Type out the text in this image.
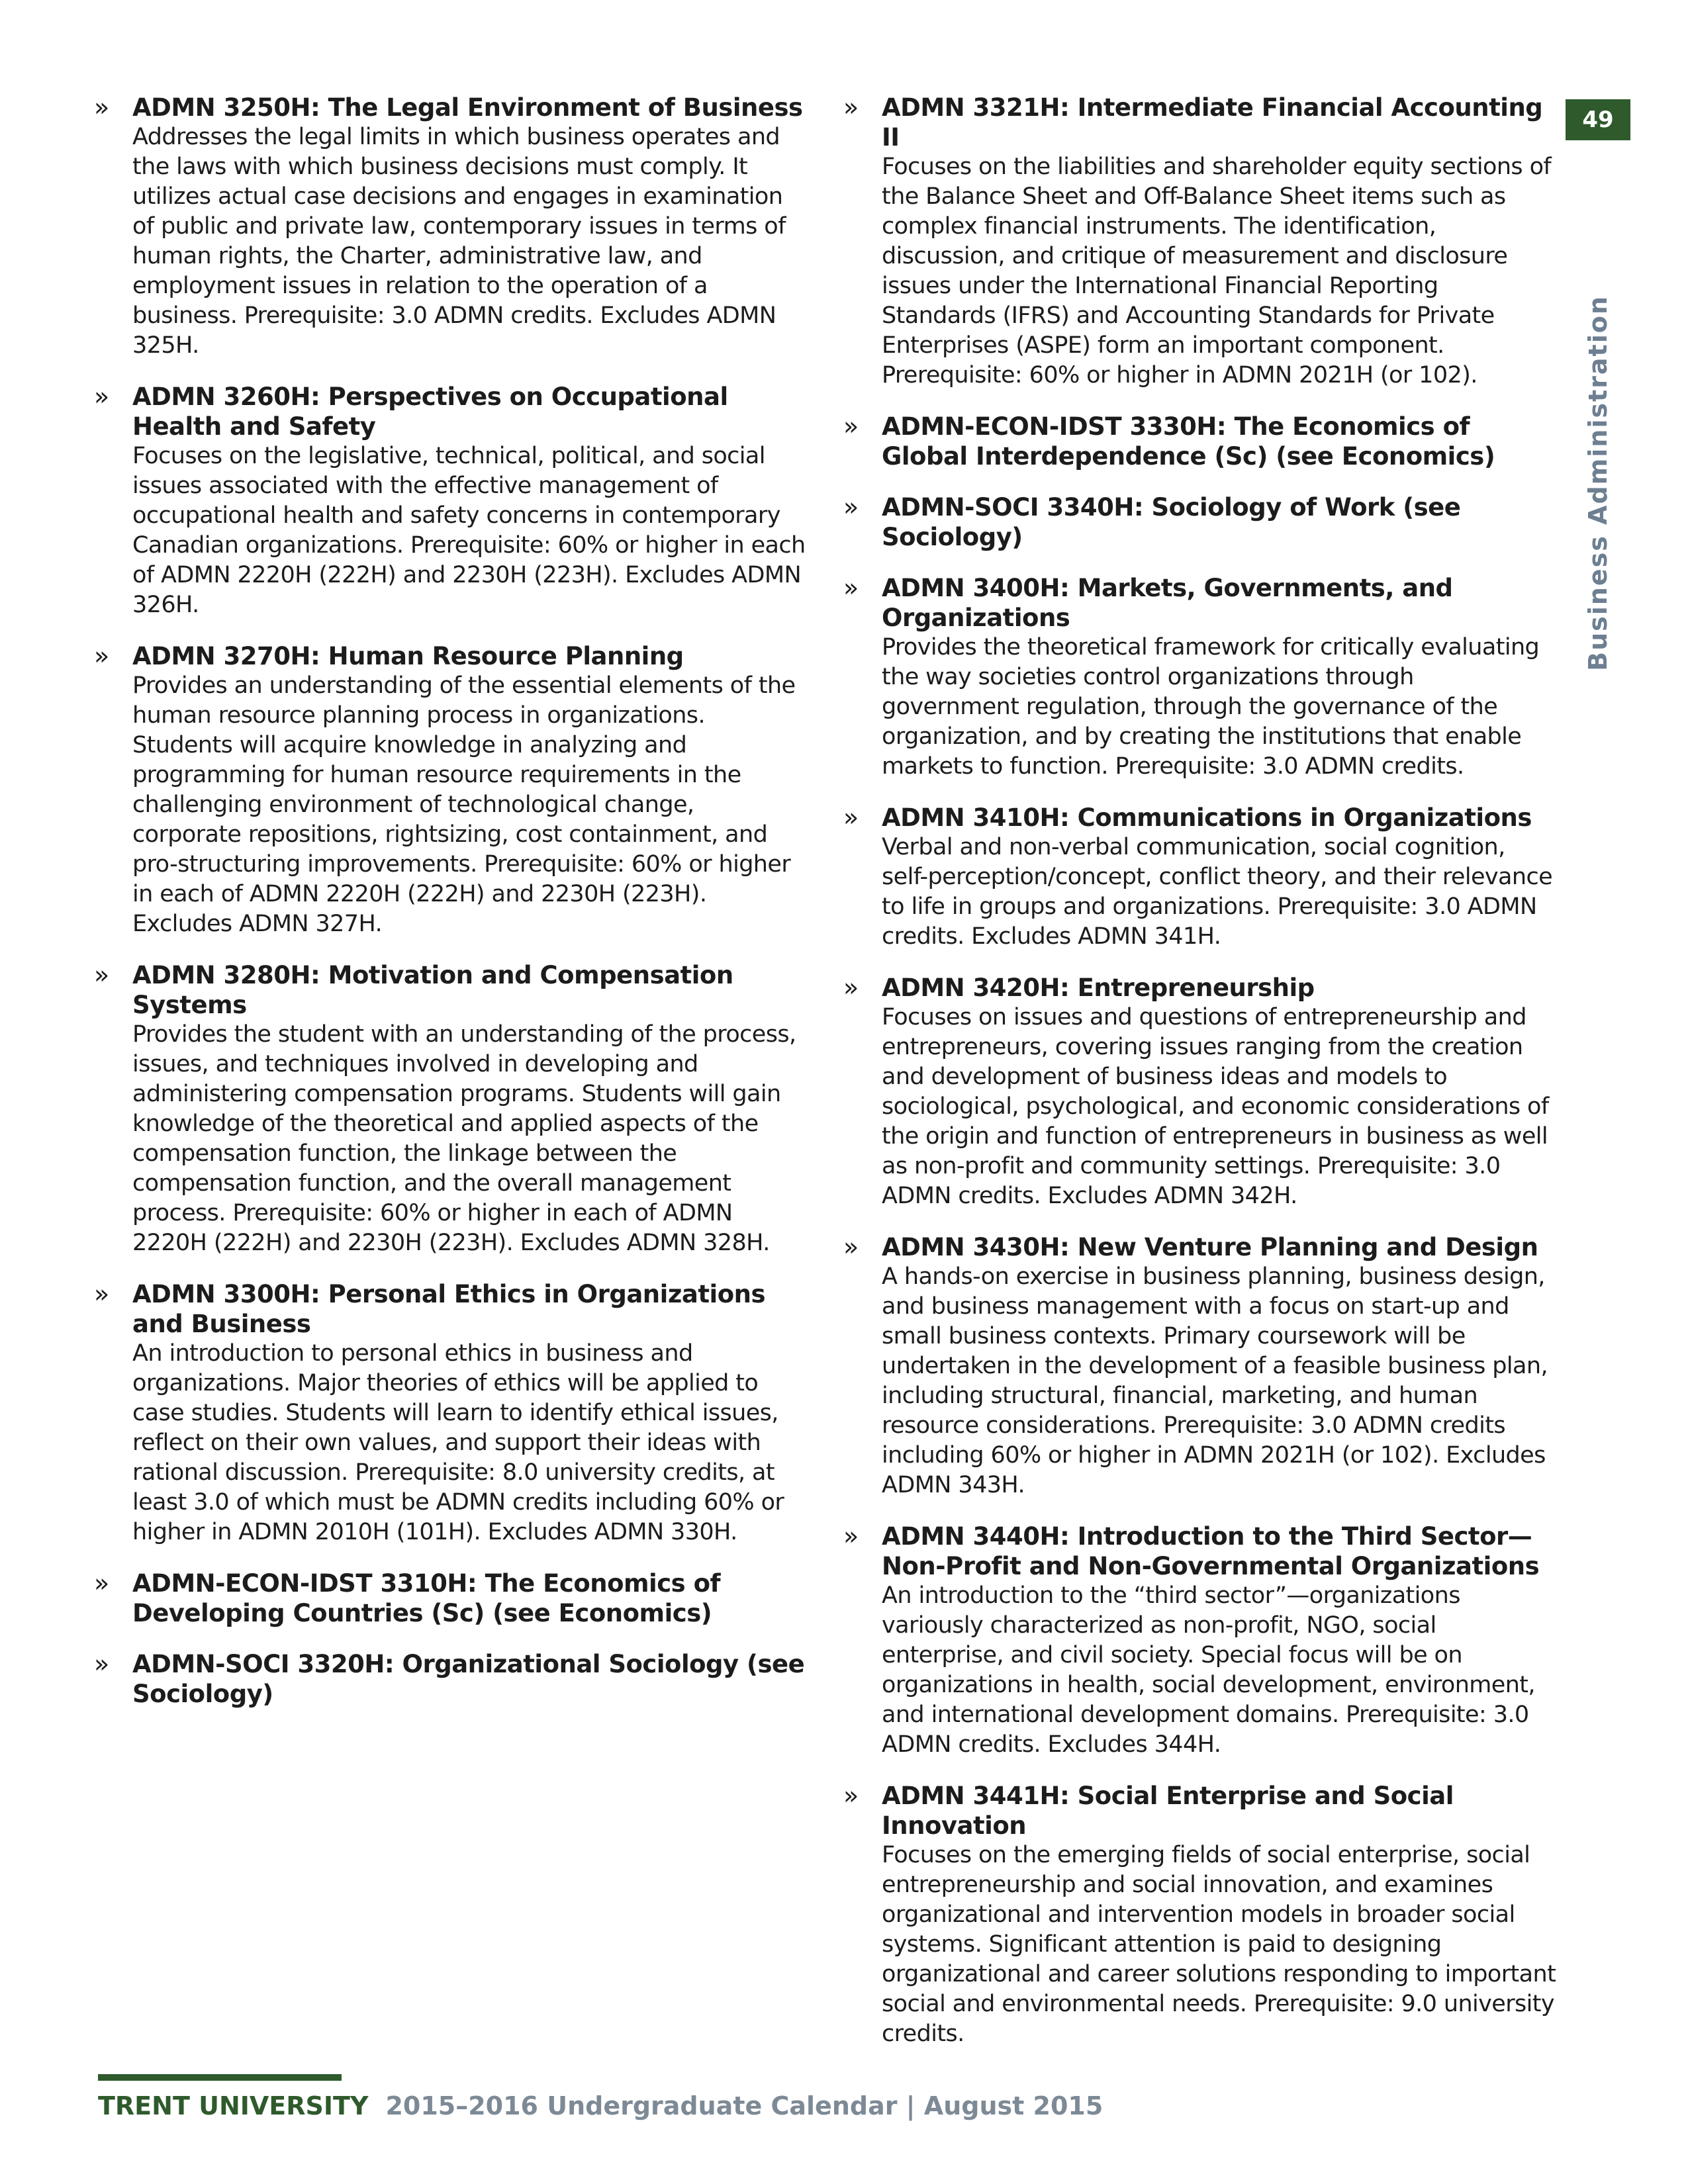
» ADMN 3250H: The Legal Environment of Business
Addresses the legal limits in which business operates and the laws with which business decisions must comply. It utilizes actual case decisions and engages in examination of public and private law, contemporary issues in terms of human rights, the Charter, administrative law, and employment issues in relation to the operation of a business. Prerequisite: 3.0 ADMN credits. Excludes ADMN 325H.
» ADMN 3260H: Perspectives on Occupational Health and Safety
Focuses on the legislative, technical, political, and social issues associated with the effective management of occupational health and safety concerns in contemporary Canadian organizations. Prerequisite: 60% or higher in each of ADMN 2220H (222H) and 2230H (223H). Excludes ADMN 326H.
» ADMN 3270H: Human Resource Planning
Provides an understanding of the essential elements of the human resource planning process in organizations. Students will acquire knowledge in analyzing and programming for human resource requirements in the challenging environment of technological change, corporate repositions, rightsizing, cost containment, and pro-structuring improvements. Prerequisite: 60% or higher in each of ADMN 2220H (222H) and 2230H (223H). Excludes ADMN 327H.
» ADMN 3280H: Motivation and Compensation Systems
Provides the student with an understanding of the process, issues, and techniques involved in developing and administering compensation programs. Students will gain knowledge of the theoretical and applied aspects of the compensation function, the linkage between the compensation function, and the overall management process. Prerequisite: 60% or higher in each of ADMN 2220H (222H) and 2230H (223H). Excludes ADMN 328H.
» ADMN 3300H: Personal Ethics in Organizations and Business
An introduction to personal ethics in business and organizations. Major theories of ethics will be applied to case studies. Students will learn to identify ethical issues, reflect on their own values, and support their ideas with rational discussion. Prerequisite: 8.0 university credits, at least 3.0 of which must be ADMN credits including 60% or higher in ADMN 2010H (101H). Excludes ADMN 330H.
» ADMN-ECON-IDST 3310H: The Economics of Developing Countries (Sc) (see Economics)
» ADMN-SOCI 3320H: Organizational Sociology (see Sociology)
» ADMN 3321H: Intermediate Financial Accounting II
Focuses on the liabilities and shareholder equity sections of the Balance Sheet and Off-Balance Sheet items such as complex financial instruments. The identification, discussion, and critique of measurement and disclosure issues under the International Financial Reporting Standards (IFRS) and Accounting Standards for Private Enterprises (ASPE) form an important component. Prerequisite: 60% or higher in ADMN 2021H (or 102).
» ADMN-ECON-IDST 3330H: The Economics of Global Interdependence (Sc) (see Economics)
» ADMN-SOCI 3340H: Sociology of Work (see Sociology)
» ADMN 3400H: Markets, Governments, and Organizations
Provides the theoretical framework for critically evaluating the way societies control organizations through government regulation, through the governance of the organization, and by creating the institutions that enable markets to function. Prerequisite: 3.0 ADMN credits.
» ADMN 3410H: Communications in Organizations
Verbal and non-verbal communication, social cognition, self-perception/concept, conflict theory, and their relevance to life in groups and organizations. Prerequisite: 3.0 ADMN credits. Excludes ADMN 341H.
» ADMN 3420H: Entrepreneurship
Focuses on issues and questions of entrepreneurship and entrepreneurs, covering issues ranging from the creation and development of business ideas and models to sociological, psychological, and economic considerations of the origin and function of entrepreneurs in business as well as non-profit and community settings. Prerequisite: 3.0 ADMN credits. Excludes ADMN 342H.
» ADMN 3430H: New Venture Planning and Design
A hands-on exercise in business planning, business design, and business management with a focus on start-up and small business contexts. Primary coursework will be undertaken in the development of a feasible business plan, including structural, financial, marketing, and human resource considerations. Prerequisite: 3.0 ADMN credits including 60% or higher in ADMN 2021H (or 102). Excludes ADMN 343H.
» ADMN 3440H: Introduction to the Third Sector—Non-Profit and Non-Governmental Organizations
An introduction to the “third sector”—organizations variously characterized as non-profit, NGO, social enterprise, and civil society. Special focus will be on organizations in health, social development, environment, and international development domains. Prerequisite: 3.0 ADMN credits. Excludes 344H.
» ADMN 3441H: Social Enterprise and Social Innovation
Focuses on the emerging fields of social enterprise, social entrepreneurship and social innovation, and examines organizational and intervention models in broader social systems. Significant attention is paid to designing organizational and career solutions responding to important social and environmental needs. Prerequisite: 9.0 university credits.
49
Business Administration
TRENT UNIVERSITY 2015–2016 Undergraduate Calendar | August 2015
